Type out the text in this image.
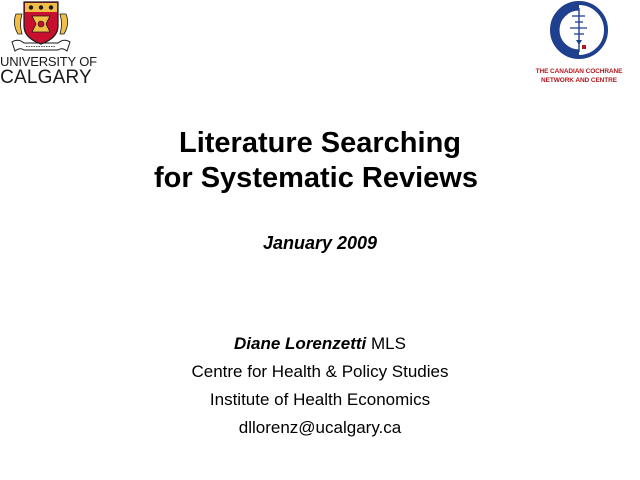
UNIVERSITY OF
CALGARY	THE CANADIAN COCHRANE
NETWORK AND CENTRE
Literature Searching
for Systematic Reviews
January 2009
Diane Lorenzetti MLS
Centre for Health & Policy Studies
Institute of Health Economics
dllorenz@ucalgary.ca
